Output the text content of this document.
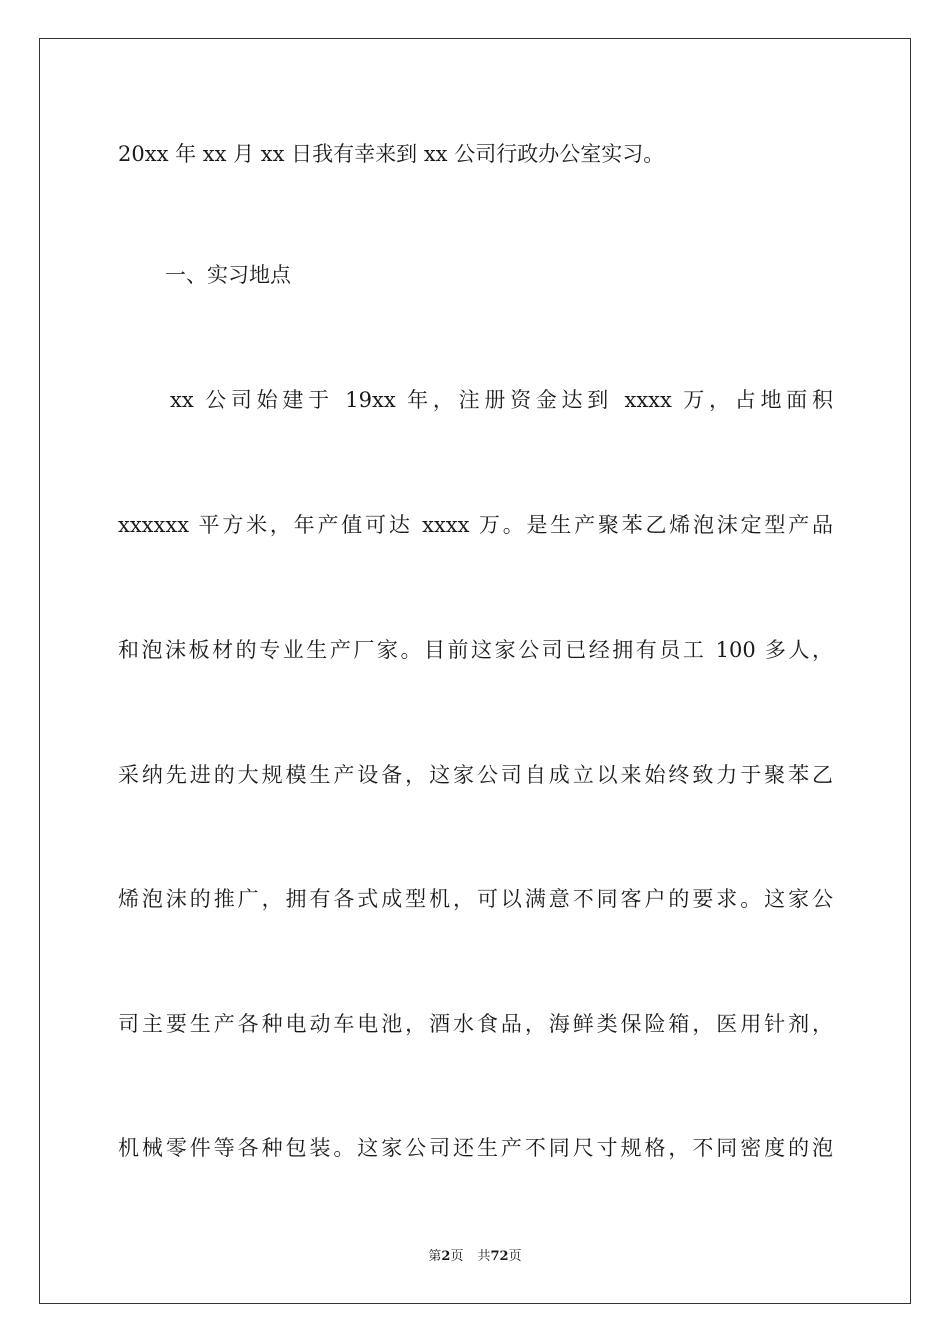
20xx 年 xx 月 xx 日我有幸来到 xx 公司行政办公室实习。
一、实习地点
xx 公司始建于 19xx 年，注册资金达到 xxxx 万，占地面积
xxxxxx 平方米，年产值可达 xxxx 万。是生产聚苯乙烯泡沫定型产品
和泡沫板材的专业生产厂家。目前这家公司已经拥有员工 100 多人，
采纳先进的大规模生产设备，这家公司自成立以来始终致力于聚苯乙
烯泡沫的推广，拥有各式成型机，可以满意不同客户的要求。这家公
司主要生产各种电动车电池，酒水食品，海鲜类保险箱，医用针剂，
机械零件等各种包装。这家公司还生产不同尺寸规格，不同密度的泡
第2页 共72页
